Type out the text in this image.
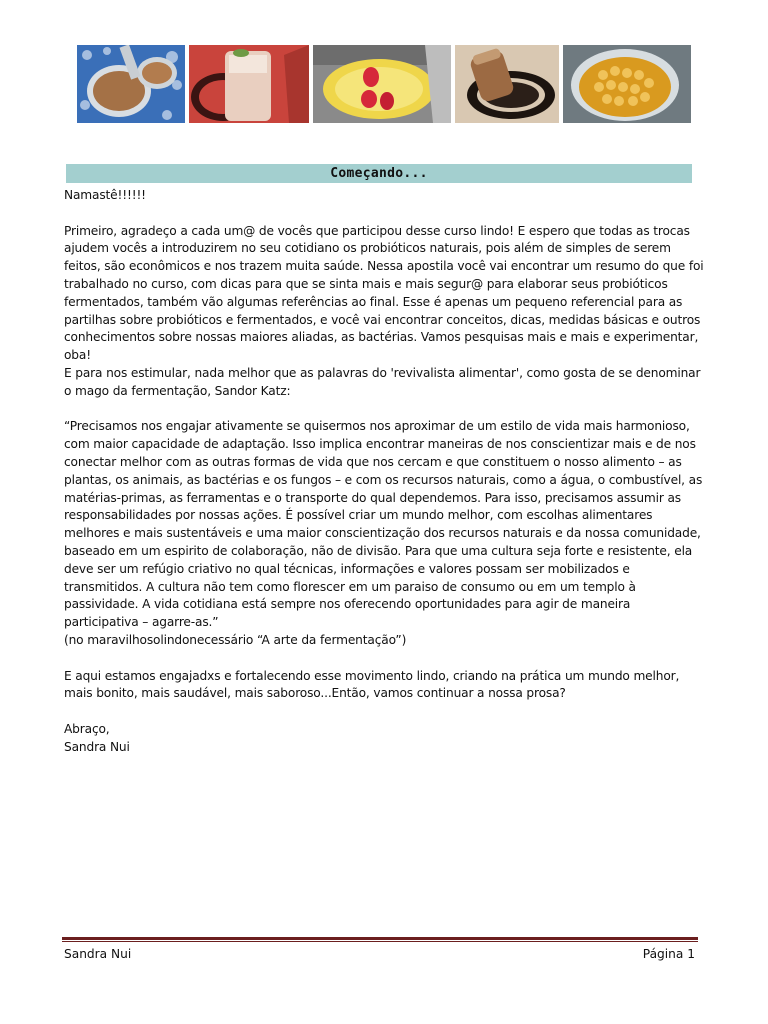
Começando...

Namastê!!!!!!

Primeiro, agradeço a cada um@ de vocês que participou desse curso lindo! E espero que todas as trocas ajudem vocês a introduzirem no seu cotidiano os probióticos naturais, pois além de simples de serem feitos, são econômicos e nos trazem muita saúde. Nessa apostila você vai encontrar um resumo do que foi trabalhado no curso, com dicas para que se sinta mais e mais segur@ para elaborar seus probióticos fermentados, também vão algumas referências ao final. Esse é apenas um pequeno referencial para as partilhas sobre probióticos e fermentados, e você vai encontrar conceitos, dicas, medidas básicas e outros conhecimentos sobre nossas maiores aliadas, as bactérias. Vamos pesquisas mais e mais e experimentar, oba!

E para nos estimular, nada melhor que as palavras do 'revivalista alimentar', como gosta de se denominar o mago da fermentação, Sandor Katz:

“Precisamos nos engajar ativamente se quisermos nos aproximar de um estilo de vida mais harmonioso, com maior capacidade de adaptação. Isso implica encontrar maneiras de nos conscientizar mais e de nos conectar melhor com as outras formas de vida que nos cercam e que constituem o nosso alimento – as plantas, os animais, as bactérias e os fungos – e com os recursos naturais, como a água, o combustível, as matérias-primas, as ferramentas e o transporte do qual dependemos. Para isso, precisamos assumir as responsabilidades por nossas ações. É possível criar um mundo melhor, com escolhas alimentares melhores e mais sustentáveis e uma maior conscientização dos recursos naturais e da nossa comunidade, baseado em um espirito de colaboração, não de divisão. Para que uma cultura seja forte e resistente, ela deve ser um refúgio criativo no qual técnicas, informações e valores possam ser mobilizados e transmitidos. A cultura não tem como florescer em um paraiso de consumo ou em um templo à passividade. A vida cotidiana está sempre nos oferecendo oportunidades para agir de maneira participativa – agarre-as.”

(no maravilhosolindonecessário “A arte da fermentação”)

E aqui estamos engajadxs e fortalecendo esse movimento lindo, criando na prática um mundo melhor, mais bonito, mais saudável, mais saboroso...Então, vamos continuar a nossa prosa?

Abraço,

Sandra Nui

Sandra Nui	Página 1
